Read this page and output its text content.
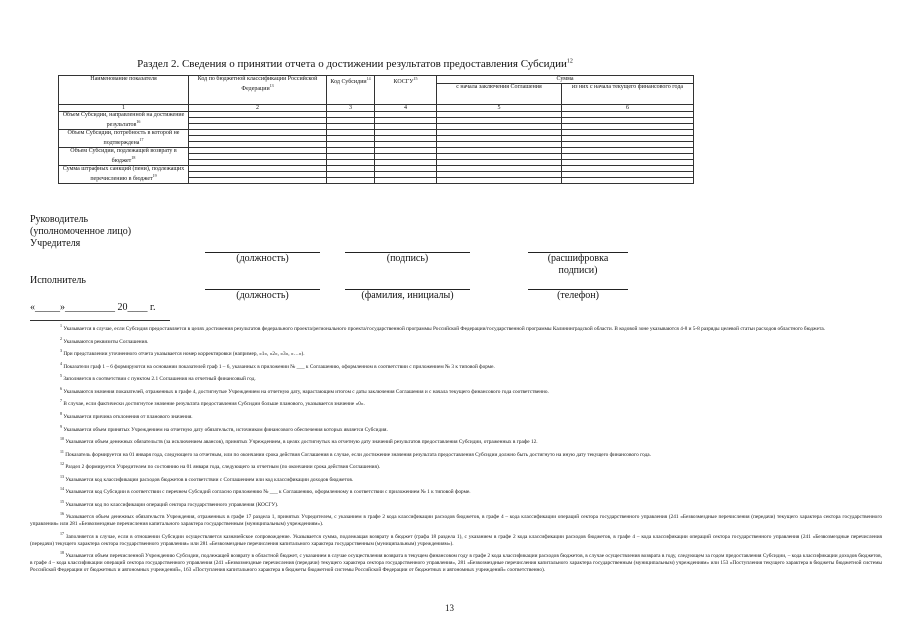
Раздел 2. Сведения о принятии отчета о достижении результатов предоставления Субсидии$^{12}$
Наименование показателя	Код по бюджетной классификации Российской Федерации$^{13}$	Код Субсидии$^{14}$	КОСГУ$^{15}$	Сумма	
				с начала заключения Соглашения	из них с начала текущего финансового года
1	2	3	4	5	6
Объем Субсидии, направленной на достижение результатов$^{16}$					

Объем Субсидии, потребность в которой не подтверждена$^{17}$					

Объем Субсидии, подлежащей возврату в бюджет$^{18}$					

Сумма штрафных санкций (пени), подлежащих перечислению в бюджет$^{19}$					

Руководитель
(уполномоченное лицо)
Учредителя
(должность)	(подпись)	(расшифровка подписи)
Исполнитель
(должность)	(фамилия, инициалы)	(телефон)
«_____»__________ 20____ г.

$^1$ Указывается в случае, если Субсидия предоставляется в целях достижения результатов федерального проекта/регионального проекта/государственной программы Российской Федерации/государственной программы Калининградской области. В кодовой зоне указываются 4-8 и 5-8 разряды целевой статьи расходов областного бюджета.

$^2$ Указываются реквизиты Соглашения.

$^3$ При представлении уточненного отчета указывается номер корректировки (например, «1», «2», «3», «…»).

$^4$ Показатели граф 1 – 6 формируются на основании показателей граф 1 – 6, указанных в приложении № ___ к Соглашению, оформленном в соответствии с приложением № 3 к типовой форме.

$^5$ Заполняется в соответствии с пунктом 2.1 Соглашения на отчетный финансовый год.

$^6$ Указываются значения показателей, отраженных в графе 4, достигнутые Учреждением на отчетную дату, нарастающим итогом с даты заключения Соглашения и с начала текущего финансового года соответственно.

$^7$ В случае, если фактически достигнутое значение результата предоставления Субсидии больше планового, указывается значение «0».

$^8$ Указывается причина отклонения от планового значения.

$^9$ Указывается объем принятых Учреждением на отчетную дату обязательств, источником финансового обеспечения которых является Субсидия.

$^{10}$ Указывается объем денежных обязательств (за исключением авансов), принятых Учреждением, в целях достигнутых на отчетную дату значений результатов предоставления Субсидии, отраженных в графе 12.

$^{11}$ Показатель формируется на 01 января года, следующего за отчетным, или по окончании срока действия Соглашения в случае, если достижение значения результата предоставления Субсидии должно быть достигнуто на иную дату текущего финансового года.

$^{12}$ Раздел 2 формируется Учредителем по состоянию на 01 января года, следующего за отчетным (по окончании срока действия Соглашения).

$^{13}$ Указывается код классификации расходов бюджетов в соответствии с Соглашением или код классификации доходов бюджетов.

$^{14}$ Указывается код Субсидии в соответствии с перечнем Субсидий согласно приложению № ___ к Соглашению, оформленному в соответствии с приложением № 1 к типовой форме.

$^{15}$ Указывается код по классификации операций сектора государственного управления (КОСГУ).

$^{16}$ Указывается объем денежных обязательств Учреждения, отраженных в графе 17 раздела 1, принятых Учредителем, с указанием в графе 2 кода классификации расходов бюджетов, в графе 4 – кода классификации операций сектора государственного управления (241 «Безвозмездные перечисления (передачи) текущего характера сектора государственного управления» или 281 «Безвозмездные перечисления капитального характера государственным (муниципальным) учреждениям»).

$^{17}$ Заполняется в случае, если в отношении Субсидии осуществляется казначейское сопровождение. Указывается сумма, подлежащая возврату в бюджет (графа 18 раздела 1), с указанием в графе 2 кода классификации расходов бюджетов, в графе 4 – кода классификации операций сектора государственного управления (241 «Безвозмездные перечисления (передачи) текущего характера сектора государственного управления» или 281 «Безвозмездные перечисления капитального характера государственным (муниципальным) учреждениям»).

$^{18}$ Указывается объем перечисленной Учреждению Субсидии, подлежащей возврату в областной бюджет, с указанием в случае осуществления возврата в текущем финансовом году в графе 2 кода классификации расходов бюджетов, в случае осуществления возврата в году, следующем за годом предоставления Субсидии, – кода классификации доходов бюджетов, в графе 4 – кода классификации операций сектора государственного управления (241 «Безвозмездные перечисления (передачи) текущего характера сектора государственного управления», 281 «Безвозмездные перечисления капитального характера государственным (муниципальным) учреждениям» или 153 «Поступления текущего характера в бюджеты бюджетной системы Российской Федерации от бюджетных и автономных учреждений», 163 «Поступления капитального характера в бюджеты бюджетной системы Российской Федерации от бюджетных и автономных учреждений» соответственно).

13
